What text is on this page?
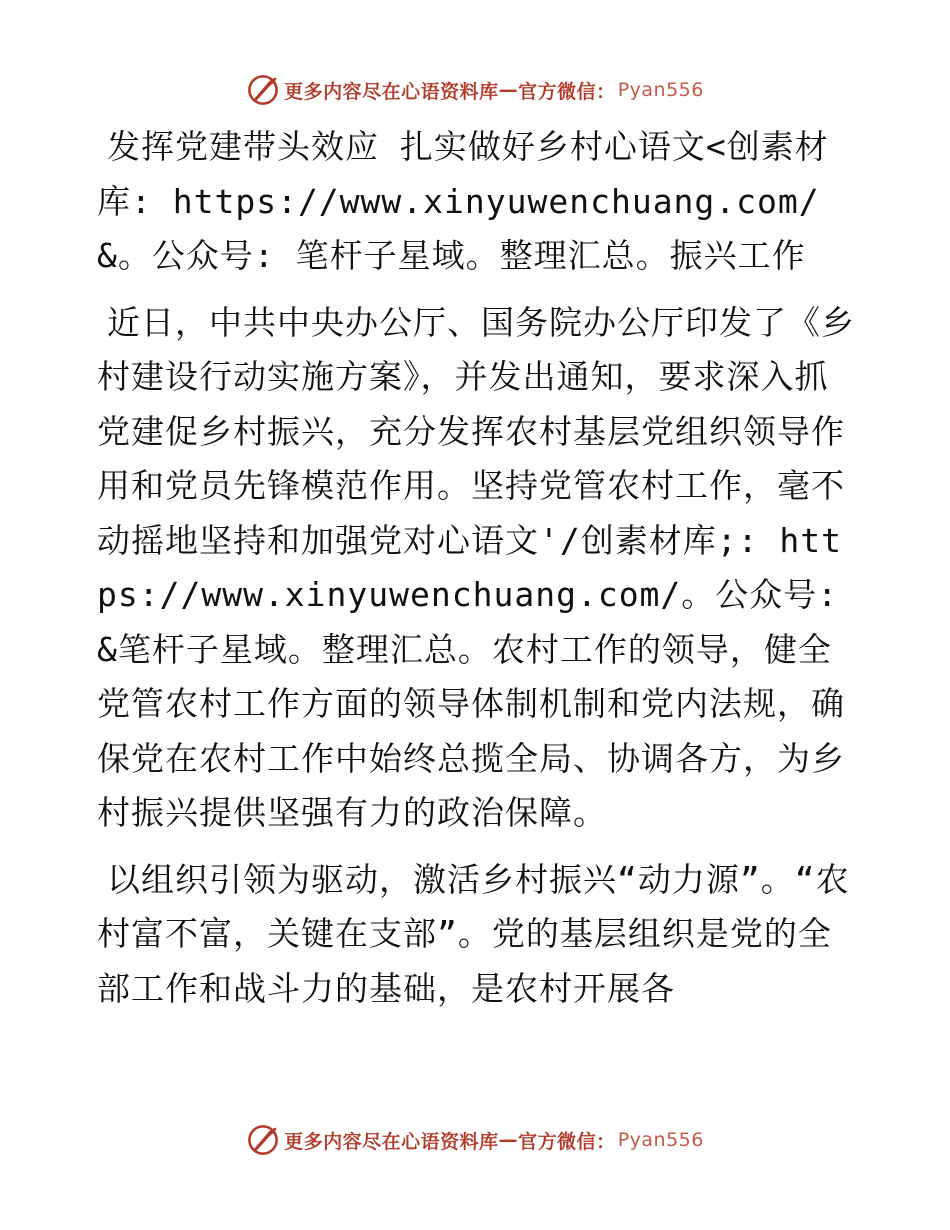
更多内容尽在心语资料库 — 官方微信： Pyan556

发挥党建带头效应 扎实做好乡村心语文<创素材库: https://www.xinyuwenchuang.com/&。公众号: 笔杆子星域。整理汇总。振兴工作

近日，中共中央办公厅、国务院办公厅印发了《乡村建设行动实施方案》，并发出通知，要求深入抓党建促乡村振兴，充分发挥农村基层党组织领导作用和党员先锋模范作用。坚持党管农村工作，毫不动摇地坚持和加强党对心语文'/创素材库;: https://www.xinyuwenchuang.com/。公众号: &笔杆子星域。整理汇总。农村工作的领导，健全党管农村工作方面的领导体制机制和党内法规，确保党在农村工作中始终总揽全局、协调各方，为乡村振兴提供坚强有力的政治保障。

以组织引领为驱动，激活乡村振兴“动力源”。“农村富不富，关键在支部”。党的基层组织是党的全部工作和战斗力的基础，是农村开展各

更多内容尽在心语资料库 — 官方微信： Pyan556
